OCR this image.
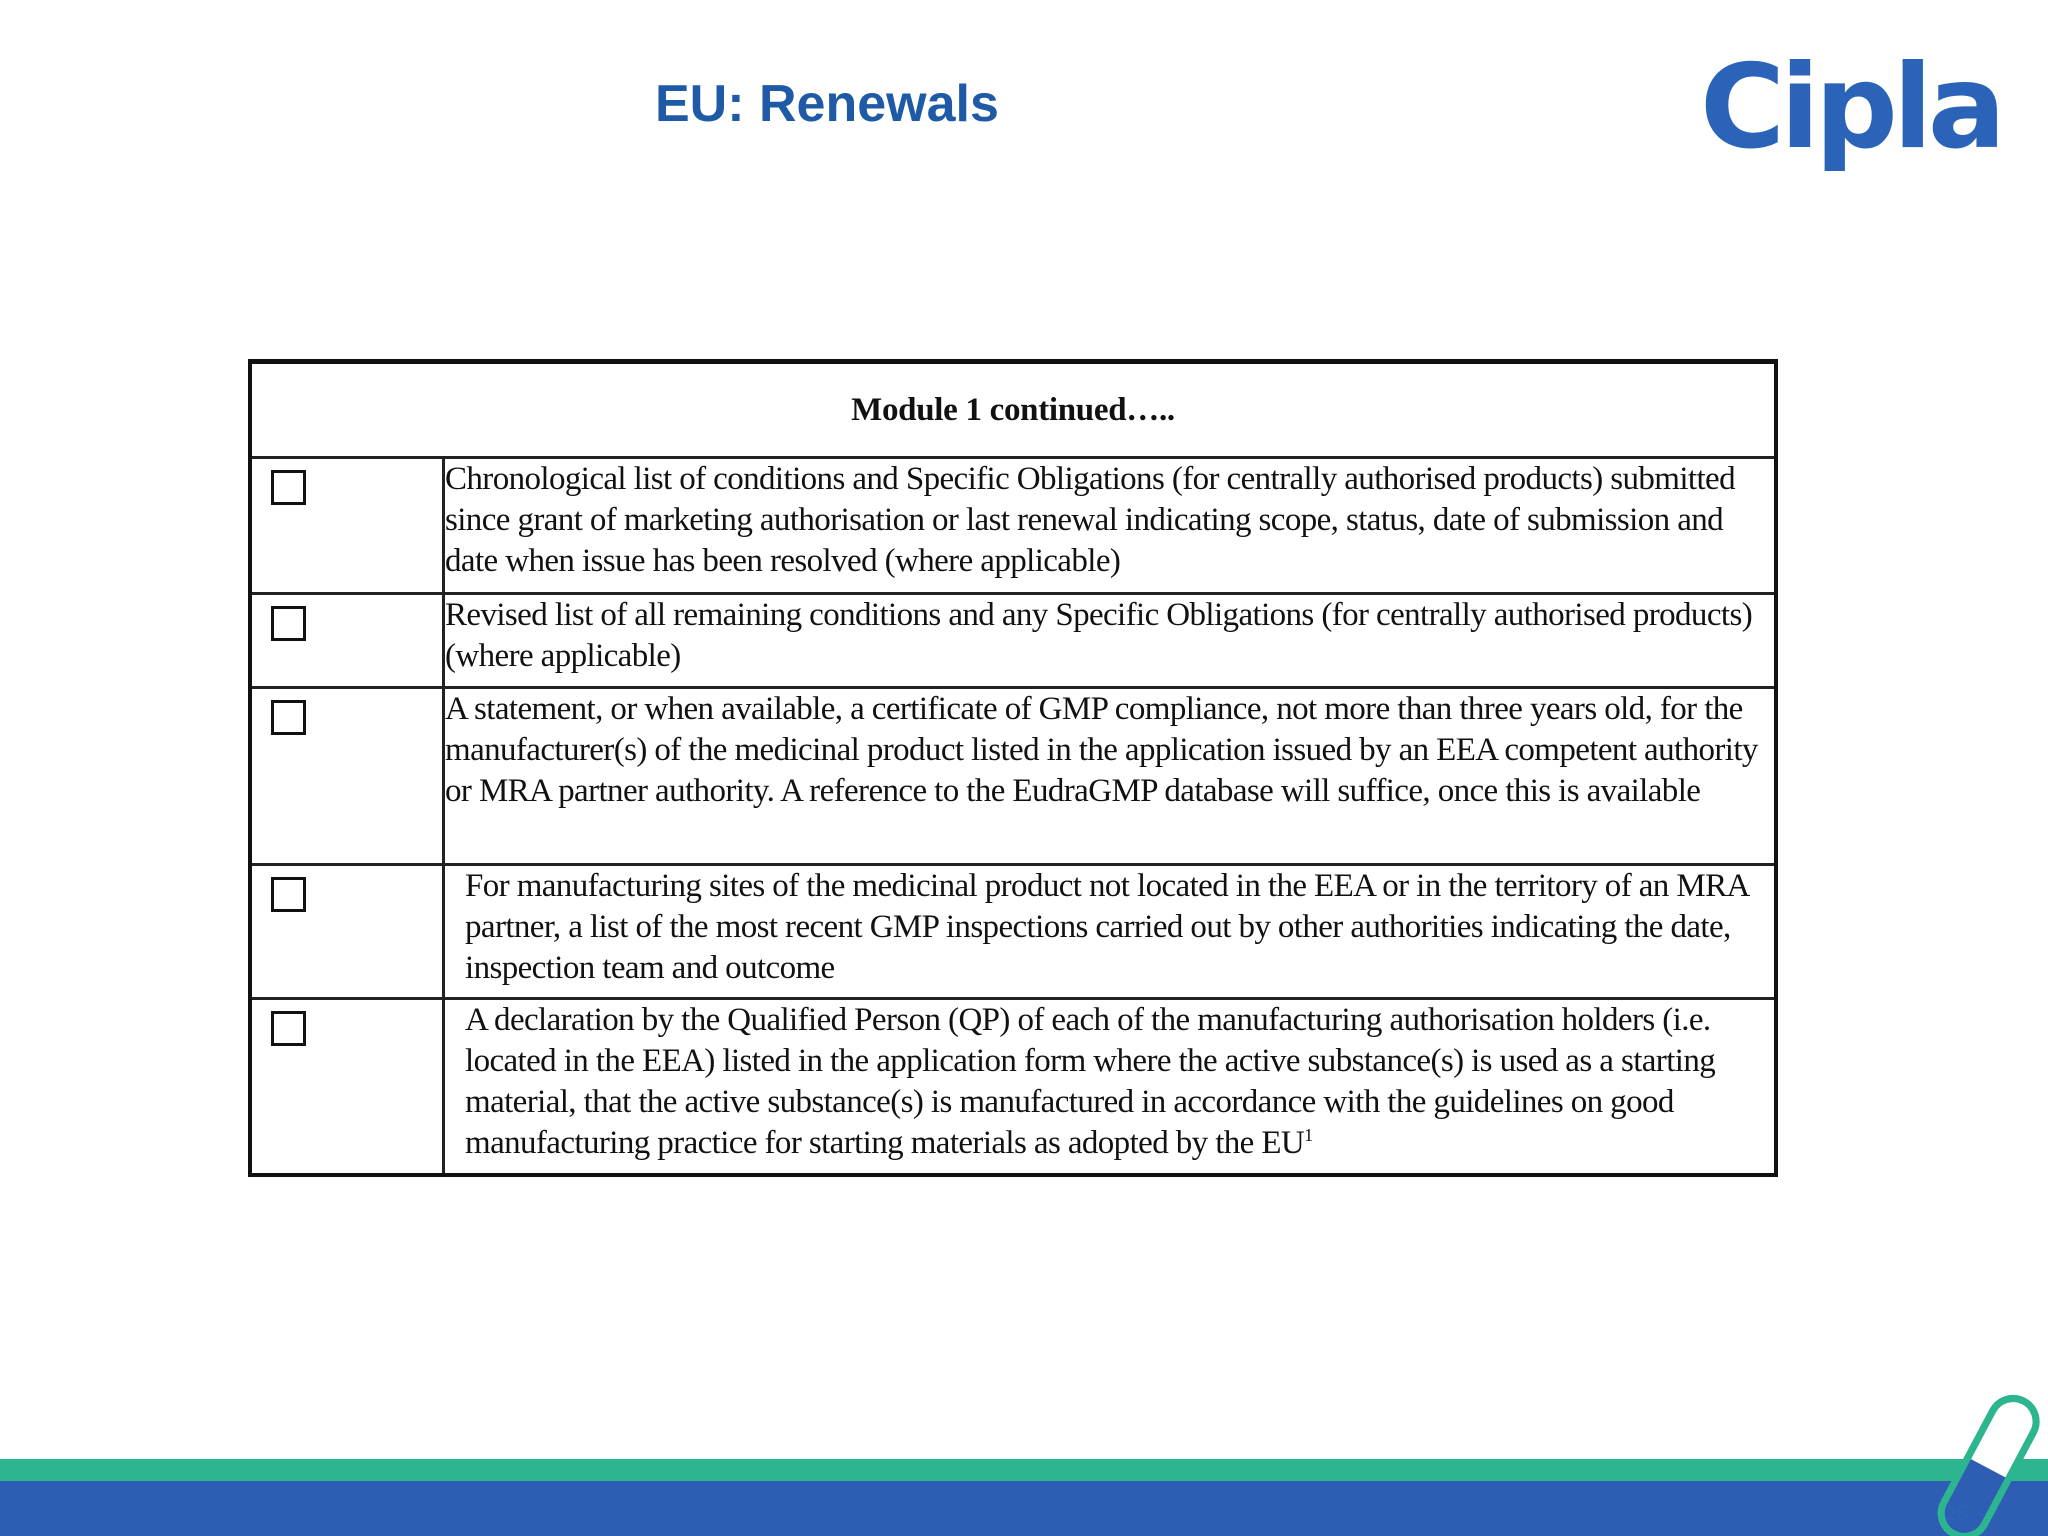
EU: Renewals	Cipla
Module 1 continued…..	

	Chronological list of conditions and Specific Obligations (for centrally authorised products) submitted since grant of marketing authorisation or last renewal indicating scope, status, date of submission and date when issue has been resolved (where applicable)

	Revised list of all remaining conditions and any Specific Obligations (for centrally authorised products) (where applicable)

	A statement, or when available, a certificate of GMP compliance, not more than three years old, for the manufacturer(s) of the medicinal product listed in the application issued by an EEA competent authority or MRA partner authority. A reference to the EudraGMP database will suffice, once this is available

	For manufacturing sites of the medicinal product not located in the EEA or in the territory of an MRA partner, a list of the most recent GMP inspections carried out by other authorities indicating the date, inspection team and outcome

	A declaration by the Qualified Person (QP) of each of the manufacturing authorisation holders (i.e. located in the EEA) listed in the application form where the active substance(s) is used as a starting material, that the active substance(s) is manufactured in accordance with the guidelines on good manufacturing practice for starting materials as adopted by the $EU^1$
25
